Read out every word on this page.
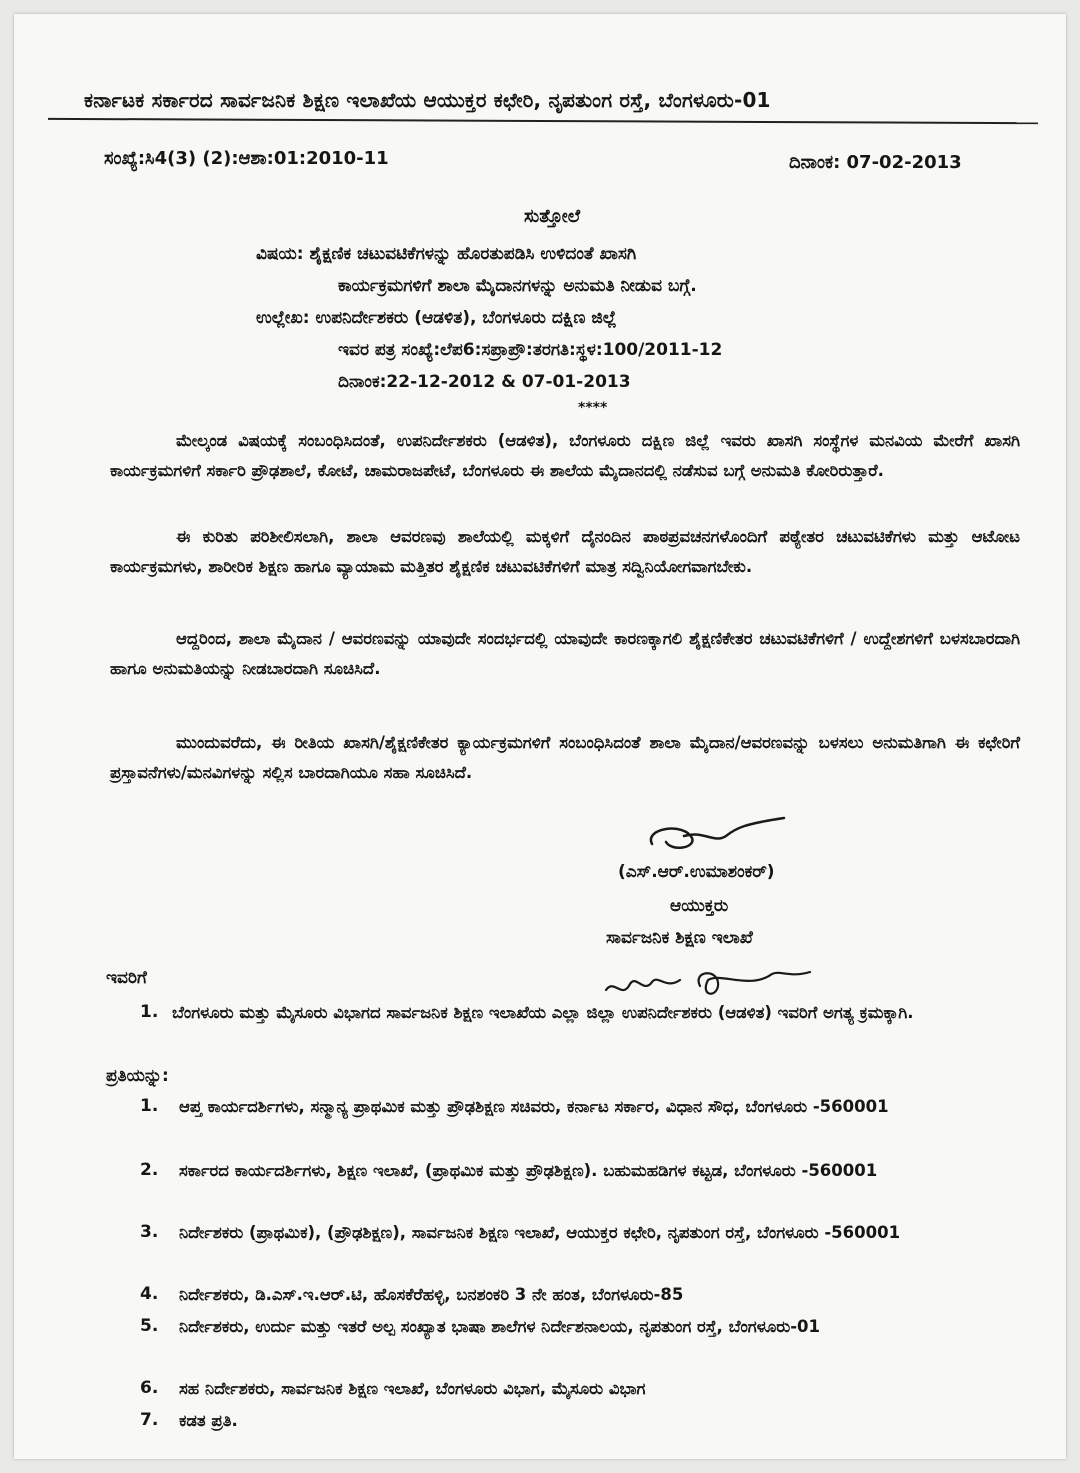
ಕರ್ನಾಟಕ ಸರ್ಕಾರದ ಸಾರ್ವಜನಿಕ ಶಿಕ್ಷಣ ಇಲಾಖೆಯ ಆಯುಕ್ತರ ಕಛೇರಿ, ನೃಪತುಂಗ ರಸ್ತೆ, ಬೆಂಗಳೂರು-01
ಸಂಖ್ಯೆ:ಸಿ4(3) (2):ಆಶಾ:01:2010-11	ದಿನಾಂಕ: 07-02-2013
ಸುತ್ತೋಲೆ
ವಿಷಯ: ಶೈಕ್ಷಣಿಕ ಚಟುವಟಿಕೆಗಳನ್ನು ಹೊರತುಪಡಿಸಿ ಉಳಿದಂತೆ ಖಾಸಗಿ
ಕಾರ್ಯಕ್ರಮಗಳಿಗೆ ಶಾಲಾ ಮೈದಾನಗಳನ್ನು ಅನುಮತಿ ನೀಡುವ ಬಗ್ಗೆ.
ಉಲ್ಲೇಖ: ಉಪನಿರ್ದೇಶಕರು (ಆಡಳಿತ), ಬೆಂಗಳೂರು ದಕ್ಷಿಣ ಜಿಲ್ಲೆ
ಇವರ ಪತ್ರ ಸಂಖ್ಯೆ:ಲೆಪ6:ಸಪ್ರಾಪ್ರೌ:ತರಗತಿ:ಸ್ಥಳ:100/2011-12
ದಿನಾಂಕ:22-12-2012 & 07-01-2013
****
ಮೇಲ್ಕಂಡ ವಿಷಯಕ್ಕೆ ಸಂಬಂಧಿಸಿದಂತೆ, ಉಪನಿರ್ದೇಶಕರು (ಆಡಳಿತ), ಬೆಂಗಳೂರು ದಕ್ಷಿಣ ಜಿಲ್ಲೆ ಇವರು ಖಾಸಗಿ ಸಂಸ್ಥೆಗಳ ಮನವಿಯ ಮೇರೆಗೆ ಖಾಸಗಿ ಕಾರ್ಯಕ್ರಮಗಳಿಗೆ ಸರ್ಕಾರಿ ಪ್ರೌಢಶಾಲೆ, ಕೋಟೆ, ಚಾಮರಾಜಪೇಟೆ, ಬೆಂಗಳೂರು ಈ ಶಾಲೆಯ ಮೈದಾನದಲ್ಲಿ ನಡೆಸುವ ಬಗ್ಗೆ ಅನುಮತಿ ಕೋರಿರುತ್ತಾರೆ.
ಈ ಕುರಿತು ಪರಿಶೀಲಿಸಲಾಗಿ, ಶಾಲಾ ಆವರಣವು ಶಾಲೆಯಲ್ಲಿ ಮಕ್ಕಳಿಗೆ ದೈನಂದಿನ ಪಾಠಪ್ರವಚನಗಳೊಂದಿಗೆ ಪಠ್ಯೇತರ ಚಟುವಟಿಕೆಗಳು ಮತ್ತು ಆಟೋಟ ಕಾರ್ಯಕ್ರಮಗಳು, ಶಾರೀರಿಕ ಶಿಕ್ಷಣ ಹಾಗೂ ವ್ಯಾಯಾಮ ಮತ್ತಿತರ ಶೈಕ್ಷಣಿಕ ಚಟುವಟಿಕೆಗಳಿಗೆ ಮಾತ್ರ ಸದ್ವಿನಿಯೋಗವಾಗಬೇಕು.
ಆದ್ದರಿಂದ, ಶಾಲಾ ಮೈದಾನ / ಆವರಣವನ್ನು ಯಾವುದೇ ಸಂದರ್ಭದಲ್ಲಿ ಯಾವುದೇ ಕಾರಣಕ್ಕಾಗಲಿ ಶೈಕ್ಷಣಿಕೇತರ ಚಟುವಟಿಕೆಗಳಿಗೆ / ಉದ್ದೇಶಗಳಿಗೆ ಬಳಸಬಾರದಾಗಿ ಹಾಗೂ ಅನುಮತಿಯನ್ನು ನೀಡಬಾರದಾಗಿ ಸೂಚಿಸಿದೆ.
ಮುಂದುವರೆದು, ಈ ರೀತಿಯ ಖಾಸಗಿ/ಶೈಕ್ಷಣಿಕೇತರ ಕ್ಯಾರ್ಯಕ್ರಮಗಳಿಗೆ ಸಂಬಂಧಿಸಿದಂತೆ ಶಾಲಾ ಮೈದಾನ/ಆವರಣವನ್ನು ಬಳಸಲು ಅನುಮತಿಗಾಗಿ ಈ ಕಛೇರಿಗೆ ಪ್ರಸ್ತಾವನೆಗಳು/ಮನವಿಗಳನ್ನು ಸಲ್ಲಿಸ ಬಾರದಾಗಿಯೂ ಸಹಾ ಸೂಚಿಸಿದೆ.
(ಎಸ್.ಆರ್.ಉಮಾಶಂಕರ್)
ಆಯುಕ್ತರು
ಸಾರ್ವಜನಿಕ ಶಿಕ್ಷಣ ಇಲಾಖೆ
ಇವರಿಗೆ
1. ಬೆಂಗಳೂರು ಮತ್ತು ಮೈಸೂರು ವಿಭಾಗದ ಸಾರ್ವಜನಿಕ ಶಿಕ್ಷಣ ಇಲಾಖೆಯ ಎಲ್ಲಾ ಜಿಲ್ಲಾ ಉಪನಿರ್ದೇಶಕರು (ಆಡಳಿತ) ಇವರಿಗೆ ಅಗತ್ಯ ಕ್ರಮಕ್ಕಾಗಿ.
ಪ್ರತಿಯನ್ನು:
1. ಆಪ್ತ ಕಾರ್ಯದರ್ಶಿಗಳು, ಸನ್ಮಾನ್ಯ ಪ್ರಾಥಮಿಕ ಮತ್ತು ಪ್ರೌಢಶಿಕ್ಷಣ ಸಚಿವರು, ಕರ್ನಾಟ ಸರ್ಕಾರ, ವಿಧಾನ ಸೌಧ, ಬೆಂಗಳೂರು -560001
2. ಸರ್ಕಾರದ ಕಾರ್ಯದರ್ಶಿಗಳು, ಶಿಕ್ಷಣ ಇಲಾಖೆ, (ಪ್ರಾಥಮಿಕ ಮತ್ತು ಪ್ರೌಢಶಿಕ್ಷಣ). ಬಹುಮಹಡಿಗಳ ಕಟ್ಟಡ, ಬೆಂಗಳೂರು -560001
3. ನಿರ್ದೇಶಕರು (ಪ್ರಾಥಮಿಕ), (ಪ್ರೌಢಶಿಕ್ಷಣ), ಸಾರ್ವಜನಿಕ ಶಿಕ್ಷಣ ಇಲಾಖೆ, ಆಯುಕ್ತರ ಕಛೇರಿ, ನೃಪತುಂಗ ರಸ್ತೆ, ಬೆಂಗಳೂರು -560001
4. ನಿರ್ದೇಶಕರು, ಡಿ.ಎಸ್.ಇ.ಆರ್.ಟಿ, ಹೊಸಕೆರೆಹಳ್ಳಿ, ಬನಶಂಕರಿ 3 ನೇ ಹಂತ, ಬೆಂಗಳೂರು-85
5. ನಿರ್ದೇಶಕರು, ಉರ್ದು ಮತ್ತು ಇತರೆ ಅಲ್ಪ ಸಂಖ್ಯಾತ ಭಾಷಾ ಶಾಲೆಗಳ ನಿರ್ದೇಶನಾಲಯ, ನೃಪತುಂಗ ರಸ್ತೆ, ಬೆಂಗಳೂರು-01
6. ಸಹ ನಿರ್ದೇಶಕರು, ಸಾರ್ವಜನಿಕ ಶಿಕ್ಷಣ ಇಲಾಖೆ, ಬೆಂಗಳೂರು ವಿಭಾಗ, ಮೈಸೂರು ವಿಭಾಗ
7. ಕಡತ ಪ್ರತಿ.
